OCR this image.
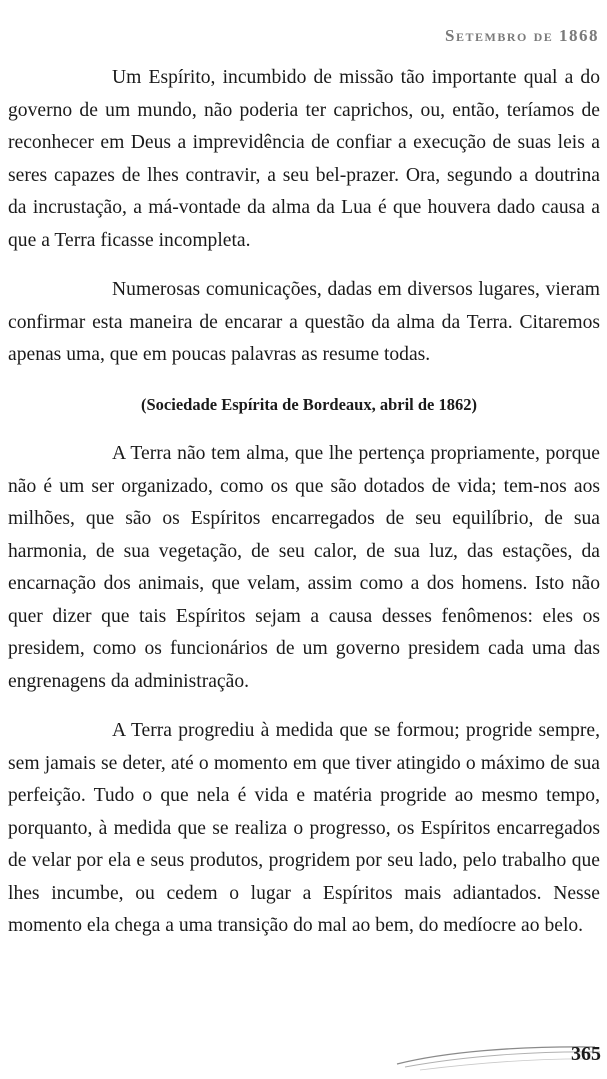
Setembro de 1868

Um Espírito, incumbido de missão tão importante qual a do governo de um mundo, não poderia ter caprichos, ou, então, teríamos de reconhecer em Deus a imprevidência de confiar a execução de suas leis a seres capazes de lhes contravir, a seu bel-prazer. Ora, segundo a doutrina da incrustação, a má-vontade da alma da Lua é que houvera dado causa a que a Terra ficasse incompleta.

Numerosas comunicações, dadas em diversos lugares, vieram confirmar esta maneira de encarar a questão da alma da Terra. Citaremos apenas uma, que em poucas palavras as resume todas.

(Sociedade Espírita de Bordeaux, abril de 1862)

A Terra não tem alma, que lhe pertença propriamente, porque não é um ser organizado, como os que são dotados de vida; tem-nos aos milhões, que são os Espíritos encarregados de seu equilíbrio, de sua harmonia, de sua vegetação, de seu calor, de sua luz, das estações, da encarnação dos animais, que velam, assim como a dos homens. Isto não quer dizer que tais Espíritos sejam a causa desses fenômenos: eles os presidem, como os funcionários de um governo presidem cada uma das engrenagens da administração.

A Terra progrediu à medida que se formou; progride sempre, sem jamais se deter, até o momento em que tiver atingido o máximo de sua perfeição. Tudo o que nela é vida e matéria progride ao mesmo tempo, porquanto, à medida que se realiza o progresso, os Espíritos encarregados de velar por ela e seus produtos, progridem por seu lado, pelo trabalho que lhes incumbe, ou cedem o lugar a Espíritos mais adiantados. Nesse momento ela chega a uma transição do mal ao bem, do medíocre ao belo.

365
